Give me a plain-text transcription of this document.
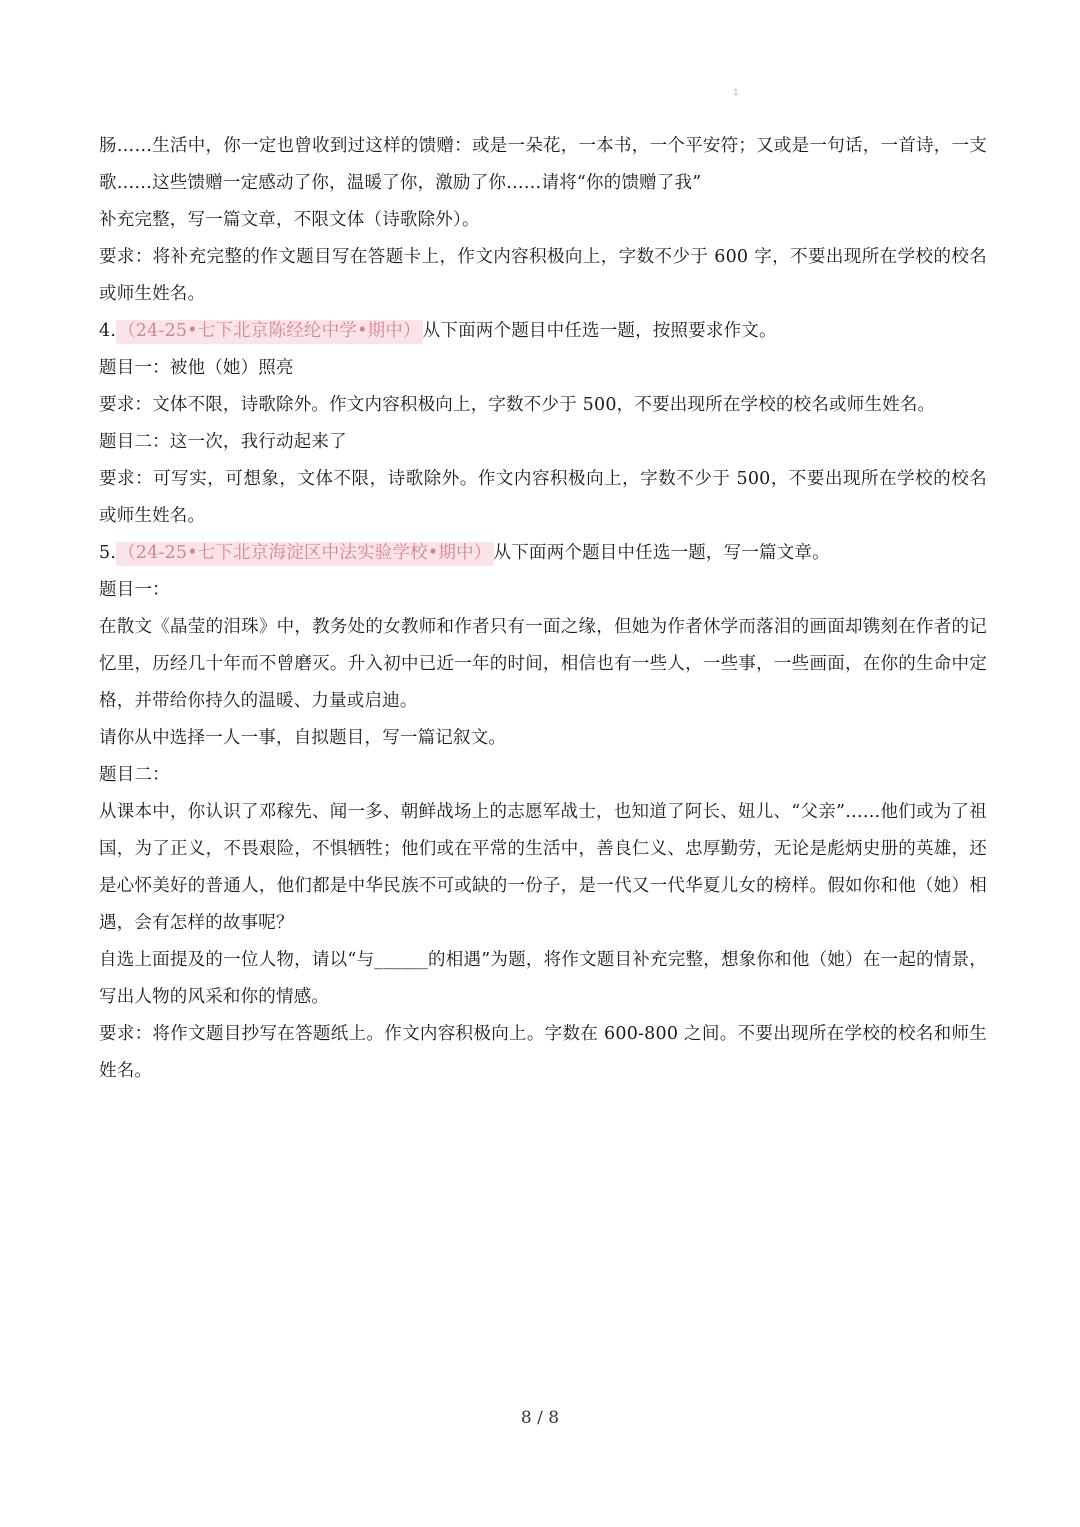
1

肠……生活中，你一定也曾收到过这样的馈赠：或是一朵花，一本书，一个平安符；又或是一句话，一首诗，一支歌……这些馈赠一定感动了你，温暖了你，激励了你……请将“你的馈赠了我”

补充完整，写一篇文章，不限文体（诗歌除外）。

要求：将补充完整的作文题目写在答题卡上，作文内容积极向上，字数不少于 600 字，不要出现所在学校的校名或师生姓名。

4. （24-25•七下北京陈经纶中学•期中） 从下面两个题目中任选一题，按照要求作文。

题目一：被他（她）照亮

要求：文体不限，诗歌除外。作文内容积极向上，字数不少于 500，不要出现所在学校的校名或师生姓名。

题目二：这一次，我行动起来了

要求：可写实，可想象，文体不限，诗歌除外。作文内容积极向上，字数不少于 500，不要出现所在学校的校名或师生姓名。

5. （24-25•七下北京海淀区中法实验学校•期中） 从下面两个题目中任选一题，写一篇文章。

题目一：

在散文《晶莹的泪珠》中，教务处的女教师和作者只有一面之缘，但她为作者休学而落泪的画面却镌刻在作者的记忆里，历经几十年而不曾磨灭。升入初中已近一年的时间，相信也有一些人，一些事，一些画面，在你的生命中定格，并带给你持久的温暖、力量或启迪。

请你从中选择一人一事，自拟题目，写一篇记叙文。

题目二：

从课本中，你认识了邓稼先、闻一多、朝鲜战场上的志愿军战士，也知道了阿长、妞儿、“父亲”……他们或为了祖国，为了正义，不畏艰险，不惧牺牲；他们或在平常的生活中，善良仁义、忠厚勤劳，无论是彪炳史册的英雄，还是心怀美好的普通人，他们都是中华民族不可或缺的一份子，是一代又一代华夏儿女的榜样。假如你和他（她）相遇，会有怎样的故事呢？

自选上面提及的一位人物，请以“与______的相遇”为题，将作文题目补充完整，想象你和他（她）在一起的情景，写出人物的风采和你的情感。

要求：将作文题目抄写在答题纸上。作文内容积极向上。字数在 600-800 之间。不要出现所在学校的校名和师生姓名。

8 / 8
